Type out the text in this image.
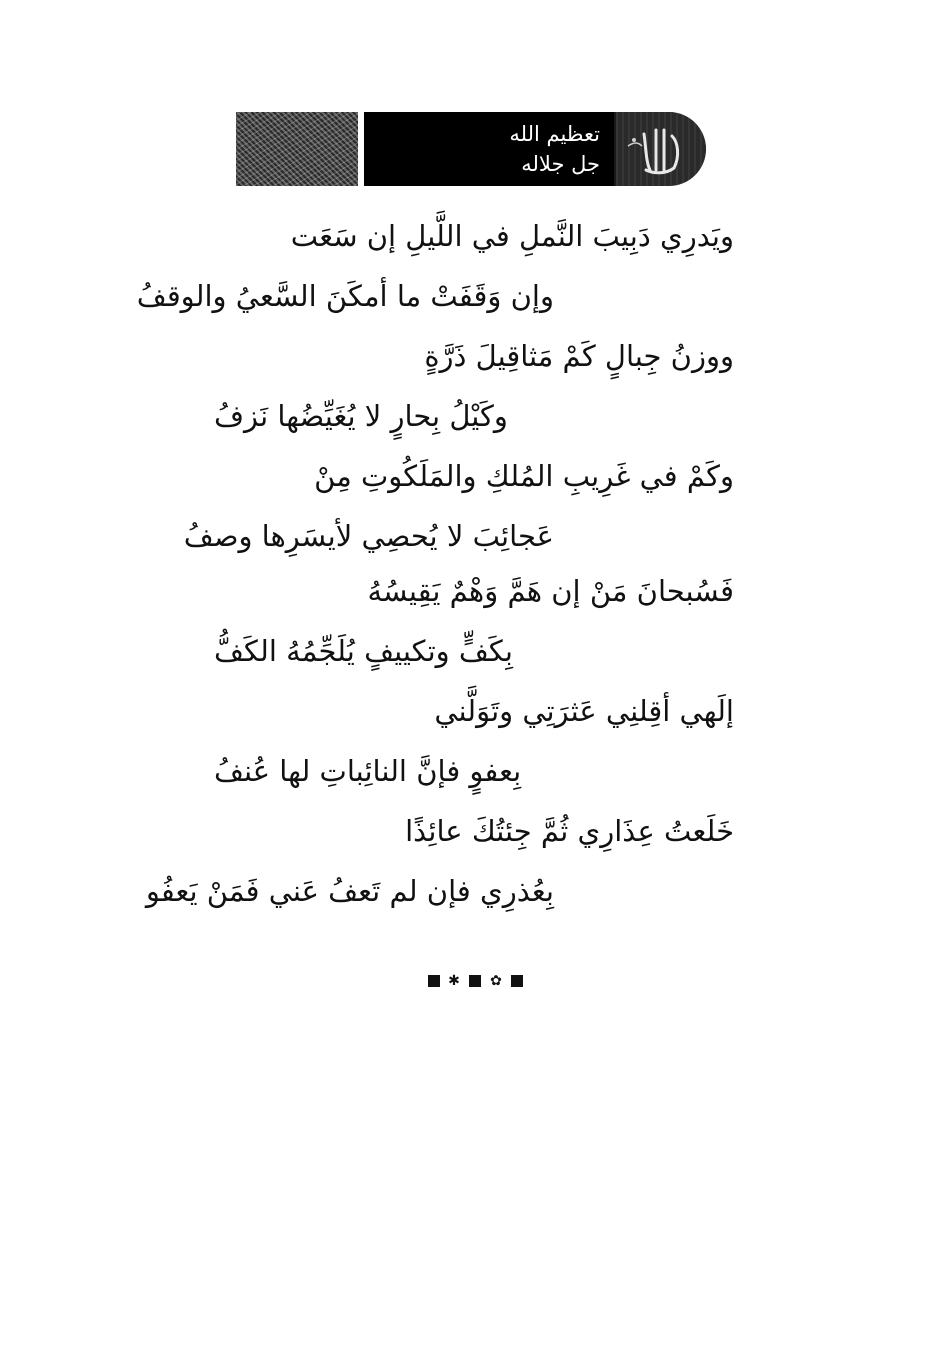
تعظيم الله
جل جلاله
ويَدرِي دَبِيبَ النَّملِ في اللَّيلِ إن سَعَت
وإن وَقَفَتْ ما أمكَنَ السَّعيُ والوقفُ
ووزنُ جِبالٍ كَمْ مَثاقِيلَ ذَرَّةٍ
وكَيْلُ بِحارٍ لا يُغَيِّضُها نَزفُ
وكَمْ في غَرِيبِ المُلكِ والمَلَكُوتِ مِنْ
عَجائِبَ لا يُحصِي لأيسَرِها وصفُ
فَسُبحانَ مَنْ إن هَمَّ وَهْمٌ يَقِيسُهُ
بِكَفٍّ وتكييفٍ يُلَجِّمُهُ الكَفُّ
إلَهي أقِلنِي عَثرَتِي وتَوَلَّني
بِعفوٍ فإنَّ النائِباتِ لها عُنفُ
خَلَعتُ عِذَارِي ثُمَّ جِئتُكَ عائِذًا
بِعُذرِي فإن لم تَعفُ عَني فَمَنْ يَعفُو
✱ ✿
